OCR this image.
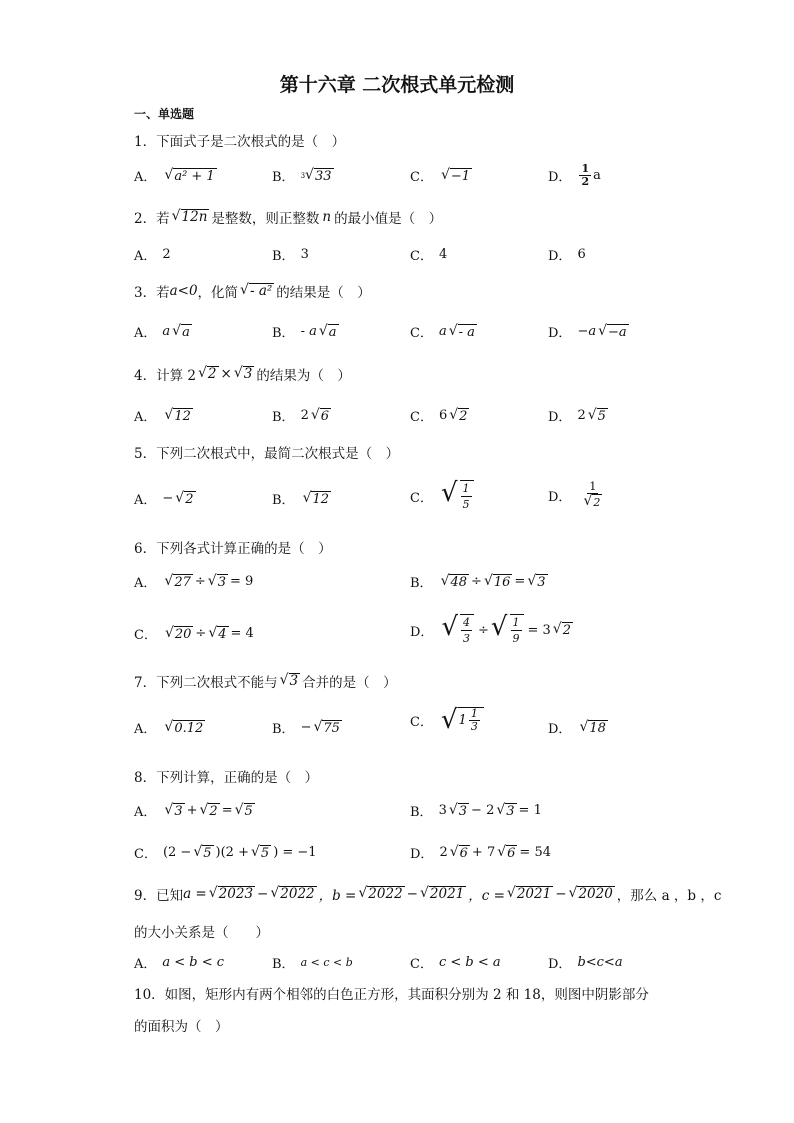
第十六章 二次根式单元检测
一、单选题
1．下面式子是二次根式的是（　）
A． √ a² + 1	B． 3 √ 33	C． √ −1	D． $\frac{1}{2}$ a
2．若 √ 12n 是整数，则正整数 n 的最小值是（　）
A． 2	B． 3	C． 4	D． 6
3．若 a<0 ，化简 √ - a² 的结果是（　）
A． a √ a	B． - a √ a	C． a √ - a	D． −a √ −a
4．计算 2 √ 2 × √ 3 的结果为（　）
A． √ 12	B． 2 √ 6	C． 6 √ 2	D． 2 √ 5
5．下列二次根式中，最简二次根式是（　）
A． − √ 2	B． √ 12	C． √ $\frac{1}{5}$	D． $\frac{1}{√ 2}$
6．下列各式计算正确的是（　）
A． √ 27 ÷ √ 3 = 9	B． √ 48 ÷ √ 16 = √ 3
C． √ 20 ÷ √ 4 = 4	D． √ $\frac{4}{3}$ ÷ √ $\frac{1}{9} = 3$ √ 2
7．下列二次根式不能与 √ 3 合并的是（　）
A． √ 0.12	B． − √ 75	C． √ $1 \frac{1}{3}$	D． √ 18
8．下列计算，正确的是（　）
A． √ 3 + √ 2 = √ 5	B． 3 √ 3 − 2 √ 3 = 1
C． (2 − √ 5 )(2 + √ 5 ) = −1	D． 2 √ 6 + 7 √ 6 = 54
9．已知 a = √ 2023 − √ 2022 ，b = √ 2022 − √ 2021 ，c = √ 2021 − √ 2020 ，那么 a ，b ，c
的大小关系是（　　）
A． a < b < c	B． a < c < b	C． c < b < a	D． b<c<a
10．如图，矩形内有两个相邻的白色正方形，其面积分别为 2 和 18，则图中阴影部分
的面积为（　）
